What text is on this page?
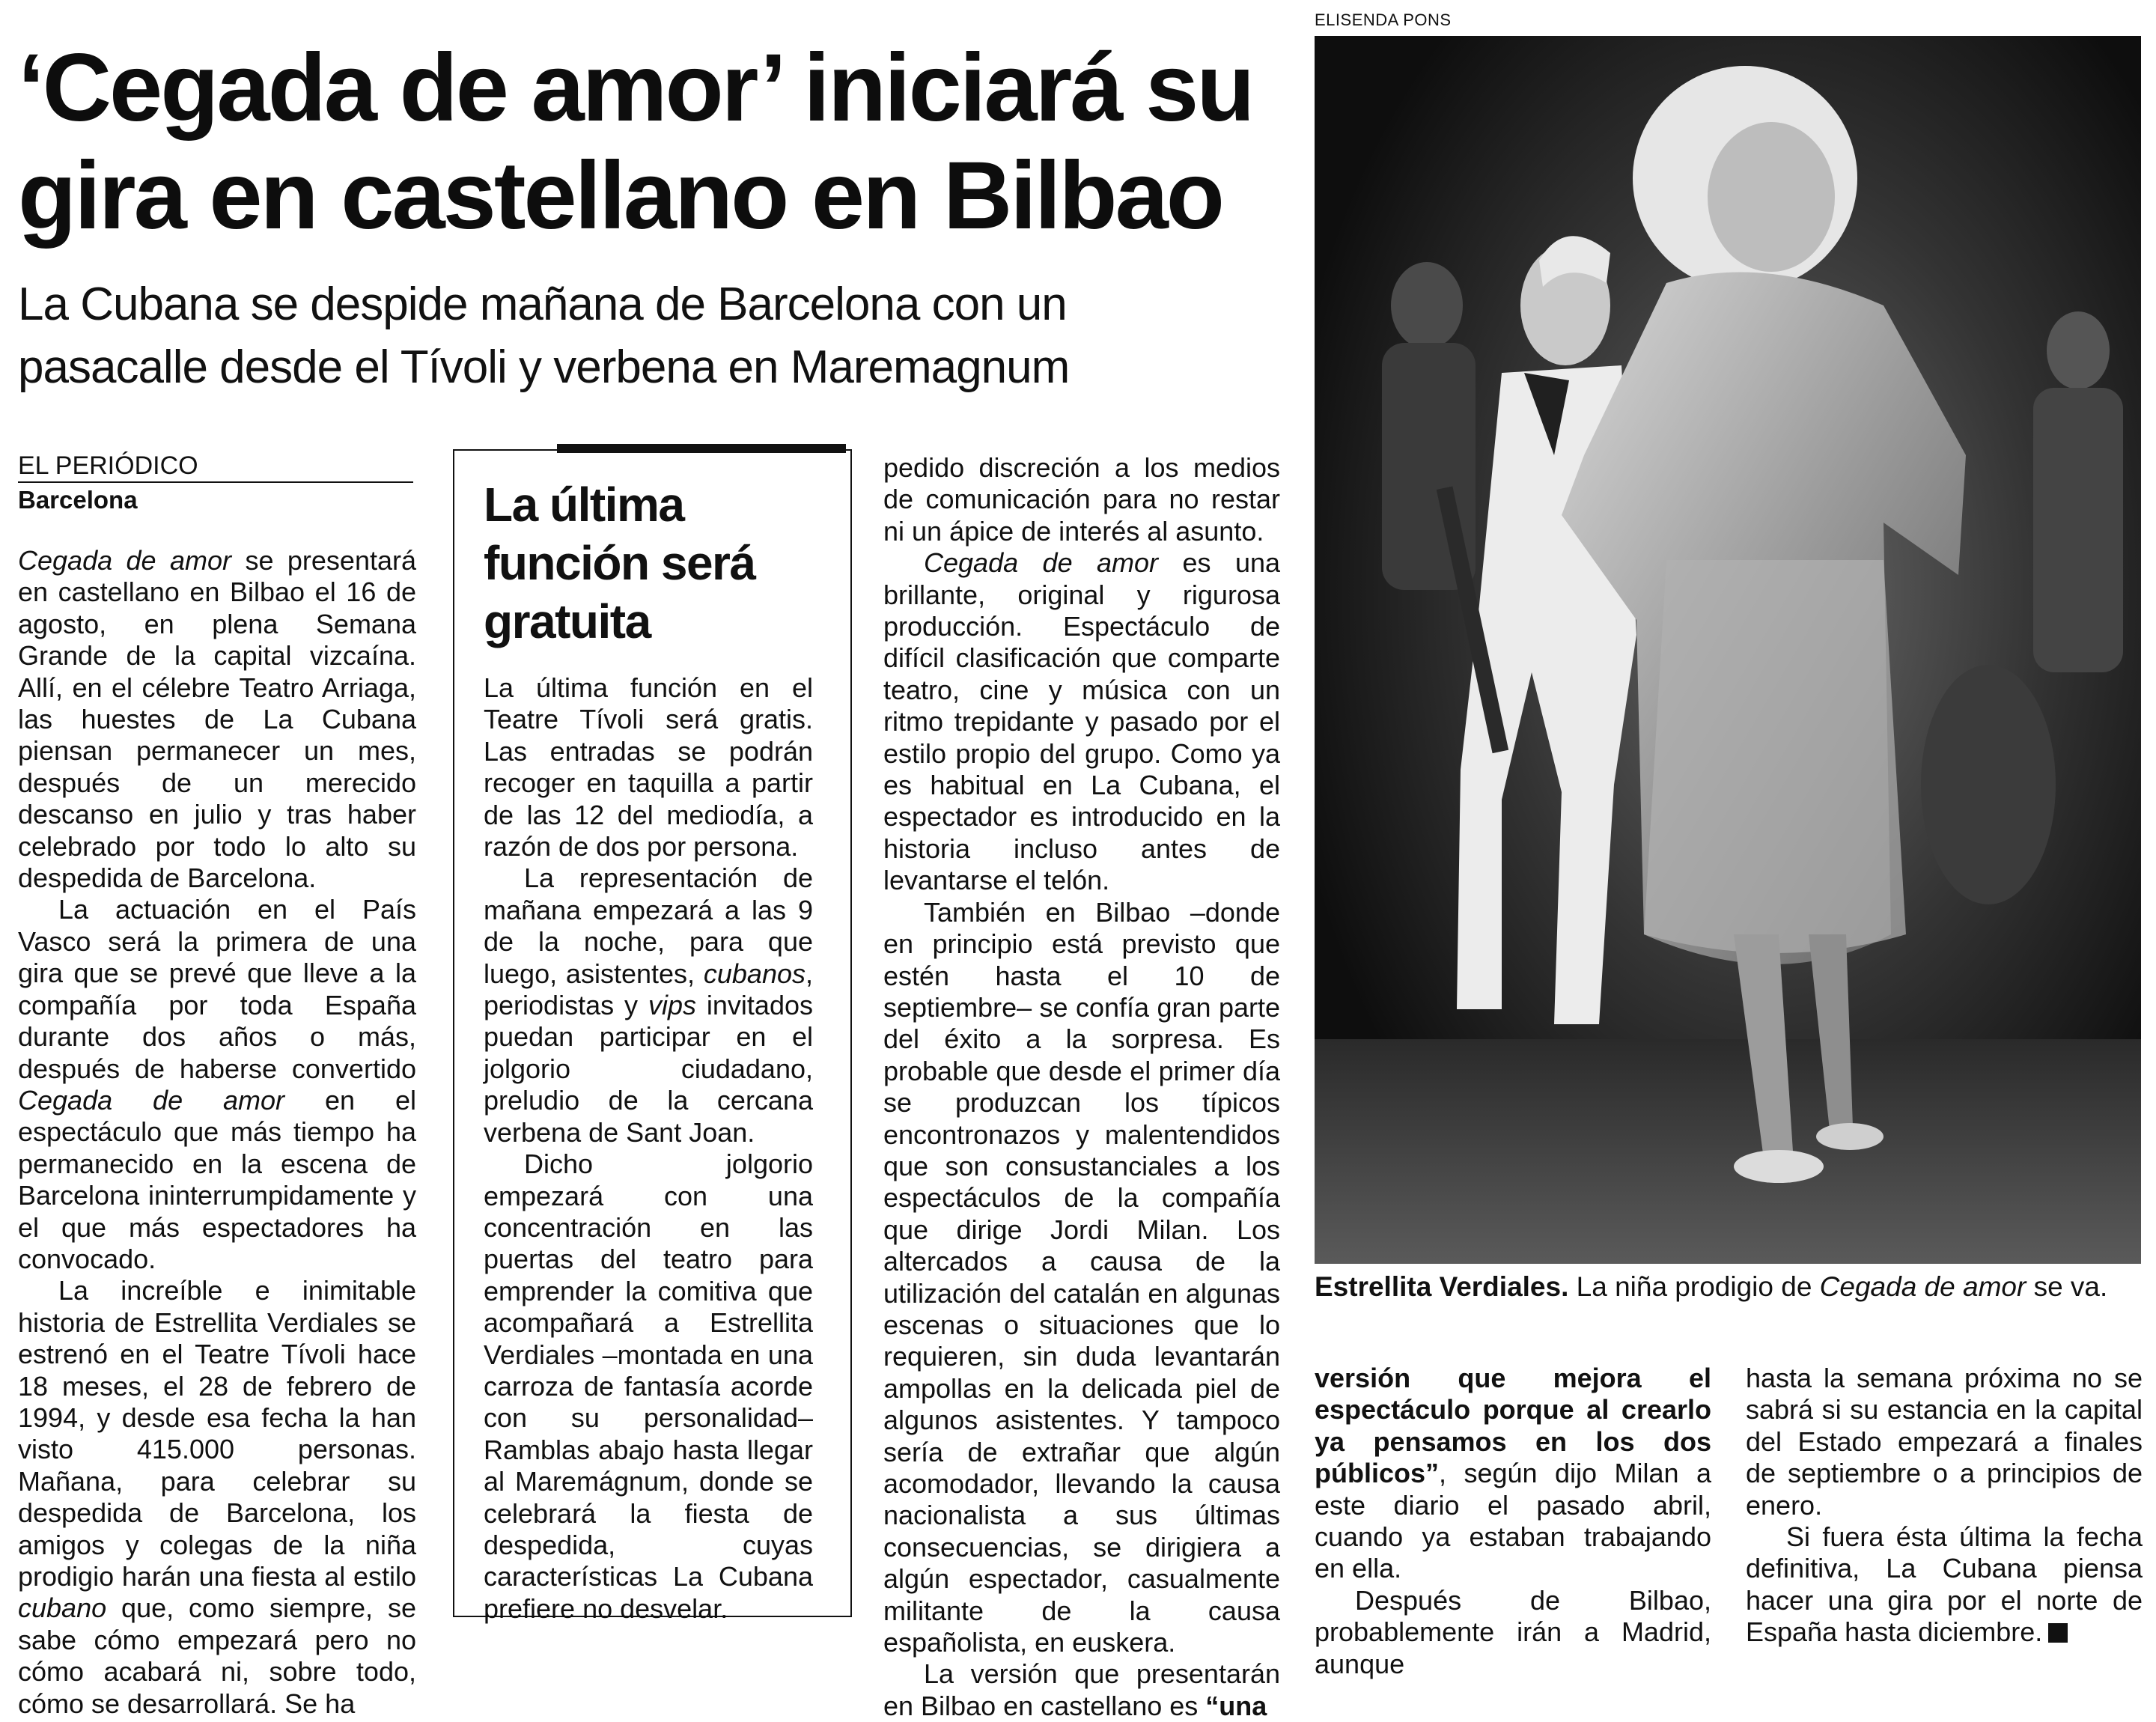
‘Cegada de amor’ iniciará su
gira en castellano en Bilbao
La Cubana se despide mañana de Barcelona con un
pasacalle desde el Tívoli y verbena en Maremagnum
EL PERIÓDICO
Barcelona

Cegada de amor se presentará en castellano en Bilbao el 16 de agosto, en plena Semana Grande de la capital vizcaína. Allí, en el célebre Teatro Arriaga, las huestes de La Cubana piensan permanecer un mes, después de un merecido descanso en julio y tras haber celebrado por todo lo alto su despedida de Barcelona.

La actuación en el País Vasco será la primera de una gira que se prevé que lleve a la compañía por toda España durante dos años o más, después de haberse convertido Cegada de amor en el espectáculo que más tiempo ha permanecido en la escena de Barcelona ininterrumpidamente y el que más espectadores ha convocado.

La increíble e inimitable historia de Estrellita Verdiales se estrenó en el Teatre Tívoli hace 18 meses, el 28 de febrero de 1994, y desde esa fecha la han visto 415.000 personas. Mañana, para celebrar su despedida de Barcelona, los amigos y colegas de la niña prodigio harán una fiesta al estilo cubano que, como siempre, se sabe cómo empezará pero no cómo acabará ni, sobre todo, cómo se desarrollará. Se ha

La última función será gratuita

La última función en el Teatre Tívoli será gratis. Las entradas se podrán recoger en taquilla a partir de las 12 del mediodía, a razón de dos por persona.

La representación de mañana empezará a las 9 de la noche, para que luego, asistentes, cubanos, periodistas y vips invitados puedan participar en el jolgorio ciudadano, preludio de la cercana verbena de Sant Joan.

Dicho jolgorio empezará con una concentración en las puertas del teatro para emprender la comitiva que acompañará a Estrellita Verdiales –montada en una carroza de fantasía acorde con su personalidad– Ramblas abajo hasta llegar al Maremágnum, donde se celebrará la fiesta de despedida, cuyas características La Cubana prefiere no desvelar.

pedido discreción a los medios de comunicación para no restar ni un ápice de interés al asunto.

Cegada de amor es una brillante, original y rigurosa producción. Espectáculo de difícil clasificación que comparte teatro, cine y música con un ritmo trepidante y pasado por el estilo propio del grupo. Como ya es habitual en La Cubana, el espectador es introducido en la historia incluso antes de levantarse el telón.

También en Bilbao –donde en principio está previsto que estén hasta el 10 de septiembre– se confía gran parte del éxito a la sorpresa. Es probable que desde el primer día se produzcan los típicos encontronazos y malentendidos que son consustanciales a los espectáculos de la compañía que dirige Jordi Milan. Los altercados a causa de la utilización del catalán en algunas escenas o situaciones que lo requieren, sin duda levantarán ampollas en la delicada piel de algunos asistentes. Y tampoco sería de extrañar que algún acomodador, llevando la causa nacionalista a sus últimas consecuencias, se dirigiera a algún espectador, casualmente militante de la causa españolista, en euskera.

La versión que presentarán en Bilbao en castellano es “una

ELISENDA PONS

Estrellita Verdiales. La niña prodigio de Cegada de amor se va.

versión que mejora el espectáculo porque al crearlo ya pensamos en los dos públicos”, según dijo Milan a este diario el pasado abril, cuando ya estaban trabajando en ella.

Después de Bilbao, probablemente irán a Madrid, aunque

hasta la semana próxima no se sabrá si su estancia en la capital del Estado empezará a finales de septiembre o a principios de enero.
Si fuera ésta última la fecha definitiva, La Cubana piensa hacer una gira por el norte de España hasta diciembre.
